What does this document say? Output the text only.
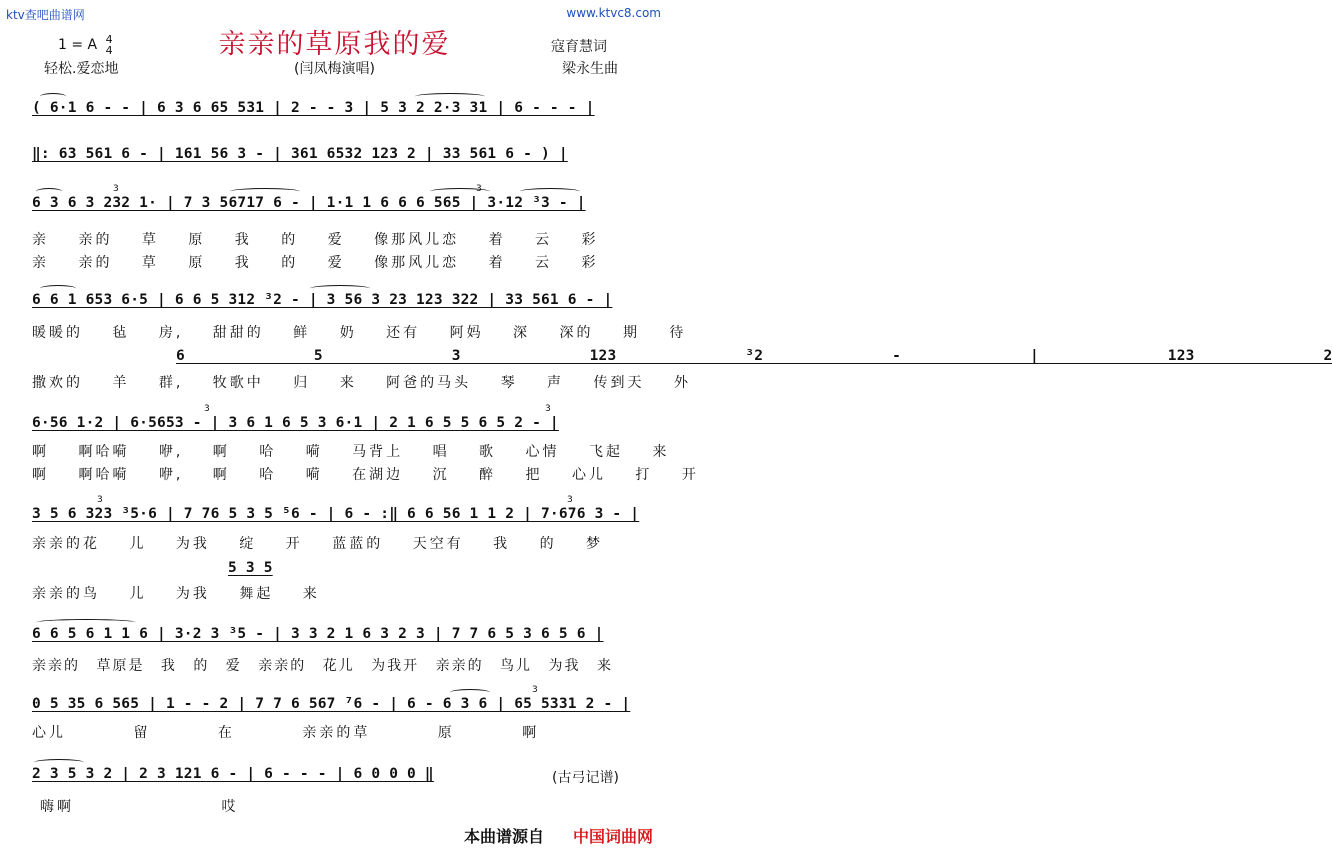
ktv查吧曲谱网	www.ktvc8.com
亲亲的草原我的爱
1 = A 4
4
轻松.爱恋地	(闫凤梅演唱)
寇育慧词
梁永生曲
( 6·1 6 - - | 6 3 6 65 531 | 2 - - 3 | 5 3 2 2·3 31 | 6 - - - |
‖: 63 561 6 - | 161 56 3 - | 361 6532 123 2 | 33 561 6 - ) |
6 3 6 3 232 1· | 7 3 56717 6 - | 1·1 1 6 6 6 565 | 3·12 ³3 - |
亲 亲的 草 原 我 的 爱 像那风儿恋 着 云 彩
亲 亲的 草 原 我 的 爱 像那风儿恋 着 云 彩
6 6 1 653 6·5 | 6 6 5 312 ³2 - | 3 56 3 23 123 322 | 33 561 6 - |
暖暖的 毡 房, 甜甜的 鲜 奶 还有 阿妈 深 深的 期 待
6 5 3 123 ³2 - | 123 2
撒欢的 羊 群, 牧歌中 归 来 阿爸的马头 琴 声 传到天 外
6·56 1·2 | 6·5653 - | 3 6 1 6 5 3 6·1 | 2 1 6 5 5 6 5 2 - |
啊 啊哈嗬 咿, 啊 哈 嗬 马背上 唱 歌 心情 飞起 来
啊 啊哈嗬 咿, 啊 哈 嗬 在湖边 沉 醉 把 心儿 打 开
3 5 6 323 ³5·6 | 7 76 5 3 5 ⁵6 - | 6 - :‖ 6 6 56 1 1 2 | 7·676 3 - |
亲亲的花 儿 为我 绽 开 蓝蓝的 天空有 我 的 梦
5 3 5
亲亲的鸟 儿 为我 舞起 来
6 6 5 6 1 1 6 | 3·2 3 ³5 - | 3 3 2 1 6 3 2 3 | 7 7 6 5 3 6 5 6 |
亲亲的 草原是 我 的 爱 亲亲的 花儿 为我开 亲亲的 鸟儿 为我 来
0 5 35 6 565 | 1 - - 2 | 7 7 6 567 ⁷6 - | 6 - 6 3 6 | 65 5331 2 - |
心儿 留 在 亲亲的草 原 啊
2 3 5 3 2 | 2 3 121 6 - | 6 - - - | 6 0 0 0 ‖
嗨啊 哎
3	3
3	3
3	3
3
(古弓记谱)
本曲谱源自 中国词曲网
